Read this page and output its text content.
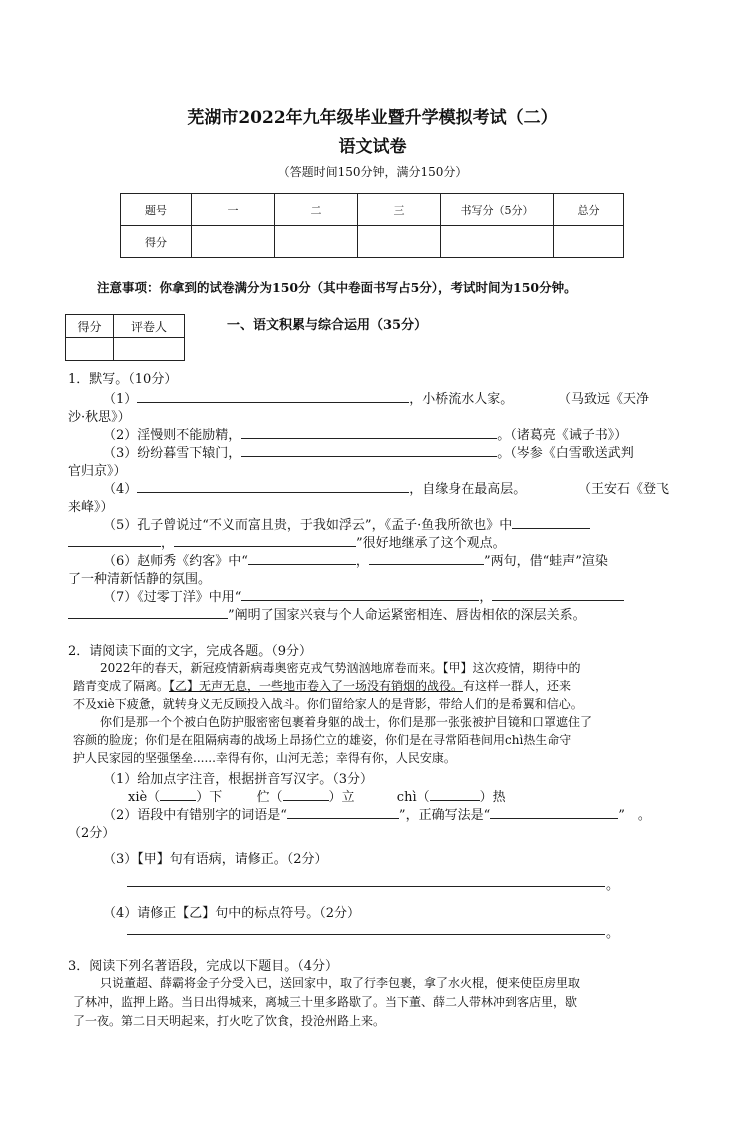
芜湖市2022年九年级毕业暨升学模拟考试（二）
语文试卷
（答题时间150分钟，满分150分）
题号	一	二	三	书写分（5分）	总分
得分					
注意事项：你拿到的试卷满分为150分（其中卷面书写占5分），考试时间为150分钟。
得分	评卷人
		一、语文积累与综合运用（35分）
1．默写。（10分）
（1）	，小桥流水人家。	（马致远《天净
沙·秋思》）
（2）淫慢则不能励精，	。（诸葛亮《诫子书》）
（3）纷纷暮雪下辕门，	。（岑参《白雪歌送武判
官归京》）
（4）	，自缘身在最高层。	（王安石《登飞
来峰》）
（5）孔子曾说过“不义而富且贵，于我如浮云”，《孟子·鱼我所欲也》中
，	”很好地继承了这个观点。
（6）赵师秀《约客》中“	，	”两句，借“蛙声”渲染
了一种清新恬静的氛围。
（7）《过零丁洋》中用“	，
”阐明了国家兴衰与个人命运紧密相连、唇齿相依的深层关系。
2．请阅读下面的文字，完成各题。（9分）
2022年的春天，新冠疫情新病毒奥密克戎气势汹汹地席卷而来。【甲】这次疫情，期待中的
踏青变成了隔离。【乙】无声无息，一些地市卷入了一场没有销烟的战役。有这样一群人，还来
不及xiè下疲惫，就转身义无反顾投入战斗。你们留给家人的是背影，带给人们的是希翼和信心。
你们是那一个个被白色防护服密密包裹着身躯的战士，你们是那一张张被护目镜和口罩遮住了
容颜的脸庞；你们是在阻隔病毒的战场上昂扬伫立的雄姿，你们是在寻常陌巷间用chì热生命守
护人民家园的坚强堡垒......幸得有你，山河无恙；幸得有你，人民安康。
（1）给加点字注音，根据拼音写汉字。（3分）
xiè（	）下	伫（	）立	chì（	）热
（2）语段中有错别字的词语是“	”，正确写法是“	”　。
（2分）
（3）【甲】句有语病，请修正。（2分）
。
（4）请修正【乙】句中的标点符号。（2分）
。
3．阅读下列名著语段，完成以下题目。（4分）
只说董超、薛霸将金子分受入已，送回家中，取了行李包裹，拿了水火棍，便来使臣房里取
了林冲，监押上路。当日出得城来，离城三十里多路歇了。当下董、薛二人带林冲到客店里，歇
了一夜。第二日天明起来，打火吃了饮食，投沧州路上来。
